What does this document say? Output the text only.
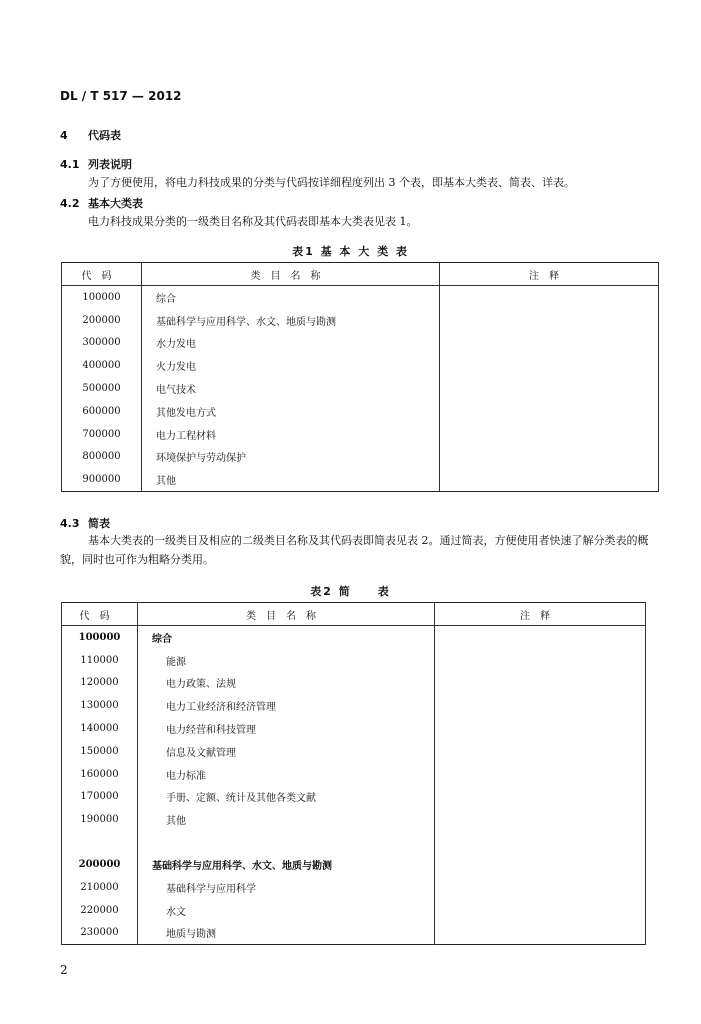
DL / T 517 — 2012
4 代码表
4.1 列表说明
为了方便使用，将电力科技成果的分类与代码按详细程度列出 3 个表，即基本大类表、简表、详表。
4.2 基本大类表
电力科技成果分类的一级类目名称及其代码表即基本大类表见表 1。
表1 基 本 大 类 表
代码	类目名称	注释
100000	综合	
200000	基础科学与应用科学、水文、地质与勘测	
300000	水力发电	
400000	火力发电	
500000	电气技术	
600000	其他发电方式	
700000	电力工程材料	
800000	环境保护与劳动保护	
900000	其他	
4.3 简表
基本大类表的一级类目及相应的二级类目名称及其代码表即简表见表 2。通过简表，方便使用者快速了解分类表的概貌，同时也可作为粗略分类用。
表2 简　　表
代码	类目名称	注释
100000	综合	
110000	能源	
120000	电力政策、法规	
130000	电力工业经济和经济管理	
140000	电力经营和科技管理	
150000	信息及文献管理	
160000	电力标准	
170000	手册、定额、统计及其他各类文献	
190000	其他	

200000	基础科学与应用科学、水文、地质与勘测	
210000	基础科学与应用科学	
220000	水文	
230000	地质与勘测	
2
